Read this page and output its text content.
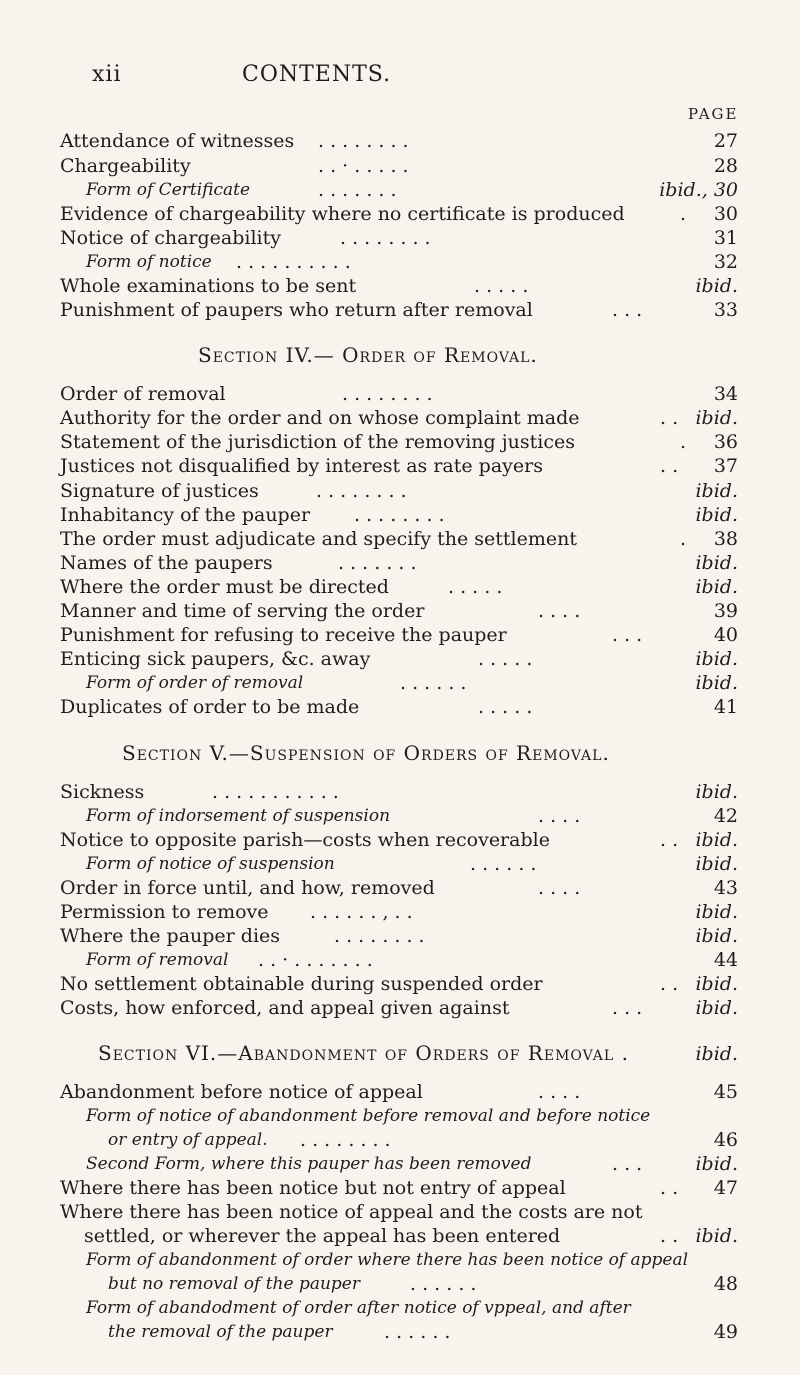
xii	CONTENTS.
PAGE
Attendance of witnesses . . . . . . . .	27
Chargeability	. . · . . . . .	28
Form of Certificate	. . . . . . .	ibid., 30
Evidence of chargeability where no certificate is produced	. 30
Notice of chargeability	. . . . . . . .	31
Form of notice . . . . . . . . . .	32
Whole examinations to be sent	. . . . .	ibid.
Punishment of paupers who return after removal	. . .	33
Section IV.— Order of Removal.
Order of removal	. . . . . . . .	34
Authority for the order and on whose complaint made	. . ibid.
Statement of the jurisdiction of the removing justices	. 36
Justices not disqualified by interest as rate payers	. . 37
Signature of justices	. . . . . . . .	ibid.
Inhabitancy of the pauper . . . . . . . .	ibid.
The order must adjudicate and specify the settlement	. 38
Names of the paupers	. . . . . . .	ibid.
Where the order must be directed	. . . . .	ibid.
Manner and time of serving the order	. . . .	39
Punishment for refusing to receive the pauper	. . .	40
Enticing sick paupers, &c. away	. . . . .	ibid.
Form of order of removal	. . . . . .	ibid.
Duplicates of order to be made	. . . . .	41
Section V.—Suspension of Orders of Removal.
Sickness	. . . . . . . . . . .	ibid.
Form of indorsement of suspension	. . . .	42
Notice to opposite parish—costs when recoverable	. . ibid.
Form of notice of suspension	. . . . . .	ibid.
Order in force until, and how, removed	. . . .	43
Permission to remove . . . . . . , . .	ibid.
Where the pauper dies	. . . . . . . .	ibid.
Form of removal . . · . . . . . . .	44
No settlement obtainable during suspended order	. . ibid.
Costs, how enforced, and appeal given against	. . .	ibid.
Section VI.—Abandonment of Orders of Removal .	ibid.
Abandonment before notice of appeal	. . . .	45
Form of notice of abandonment before removal and before notice
or entry of appeal. . . . . . . . .	46
Second Form, where this pauper has been removed	. . .	ibid.
Where there has been notice but not entry of appeal	. . 47
Where there has been notice of appeal and the costs are not
settled, or wherever the appeal has been entered	. . ibid.
Form of abandonment of order where there has been notice of appeal
but no removal of the pauper	. . . . . .	48
Form of abandodment of order after notice of vppeal, and after
the removal of the pauper	. . . . . .	49
